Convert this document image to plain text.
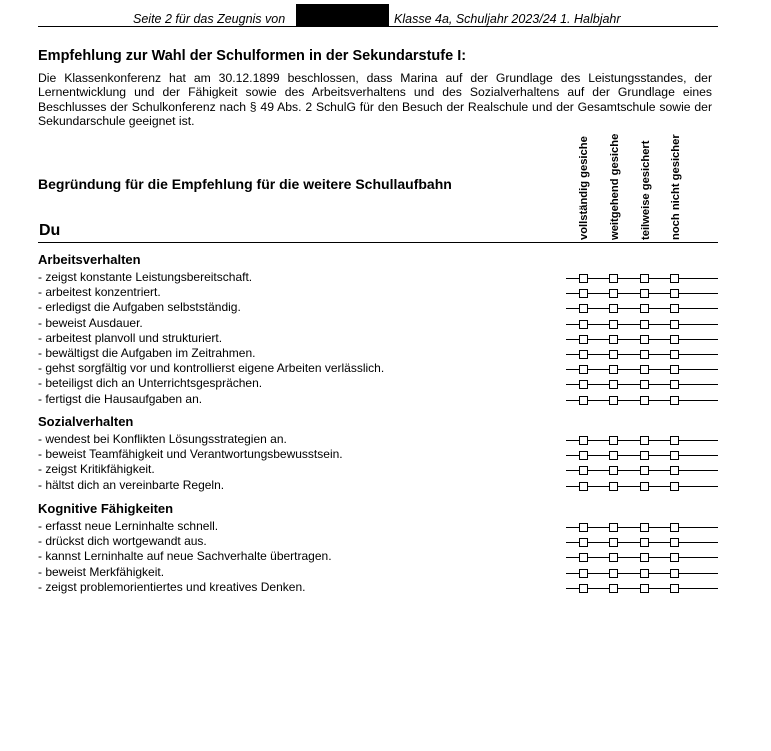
Seite 2 für das Zeugnis von	Klasse 4a, Schuljahr 2023/24 1. Halbjahr
Empfehlung zur Wahl der Schulformen in der Sekundarstufe I:
Die Klassenkonferenz hat am 30.12.1899 beschlossen, dass Marina auf der Grundlage des Leistungsstandes, der Lernentwicklung und der Fähigkeit sowie des Arbeitsverhaltens und des Sozialverhaltens auf der Grundlage eines Beschlusses der Schulkonferenz nach § 49 Abs. 2 SchulG für den Besuch der Realschule und der Gesamtschule sowie der Sekundarschule geeignet ist.
Begründung für die Empfehlung für die weitere Schullaufbahn
Du	vollständig gesiche weitgehend gesiche teilweise gesichert noch nicht gesicher
Arbeitsverhalten
- zeigst konstante Leistungsbereitschaft.
- arbeitest konzentriert.
- erledigst die Aufgaben selbstständig.
- beweist Ausdauer.
- arbeitest planvoll und strukturiert.
- bewältigst die Aufgaben im Zeitrahmen.
- gehst sorgfältig vor und kontrollierst eigene Arbeiten verlässlich.
- beteiligst dich an Unterrichtsgesprächen.
- fertigst die Hausaufgaben an.
Sozialverhalten
- wendest bei Konflikten Lösungsstrategien an.
- beweist Teamfähigkeit und Verantwortungsbewusstsein.
- zeigst Kritikfähigkeit.
- hältst dich an vereinbarte Regeln.
Kognitive Fähigkeiten
- erfasst neue Lerninhalte schnell.
- drückst dich wortgewandt aus.
- kannst Lerninhalte auf neue Sachverhalte übertragen.
- beweist Merkfähigkeit.
- zeigst problemorientiertes und kreatives Denken.
